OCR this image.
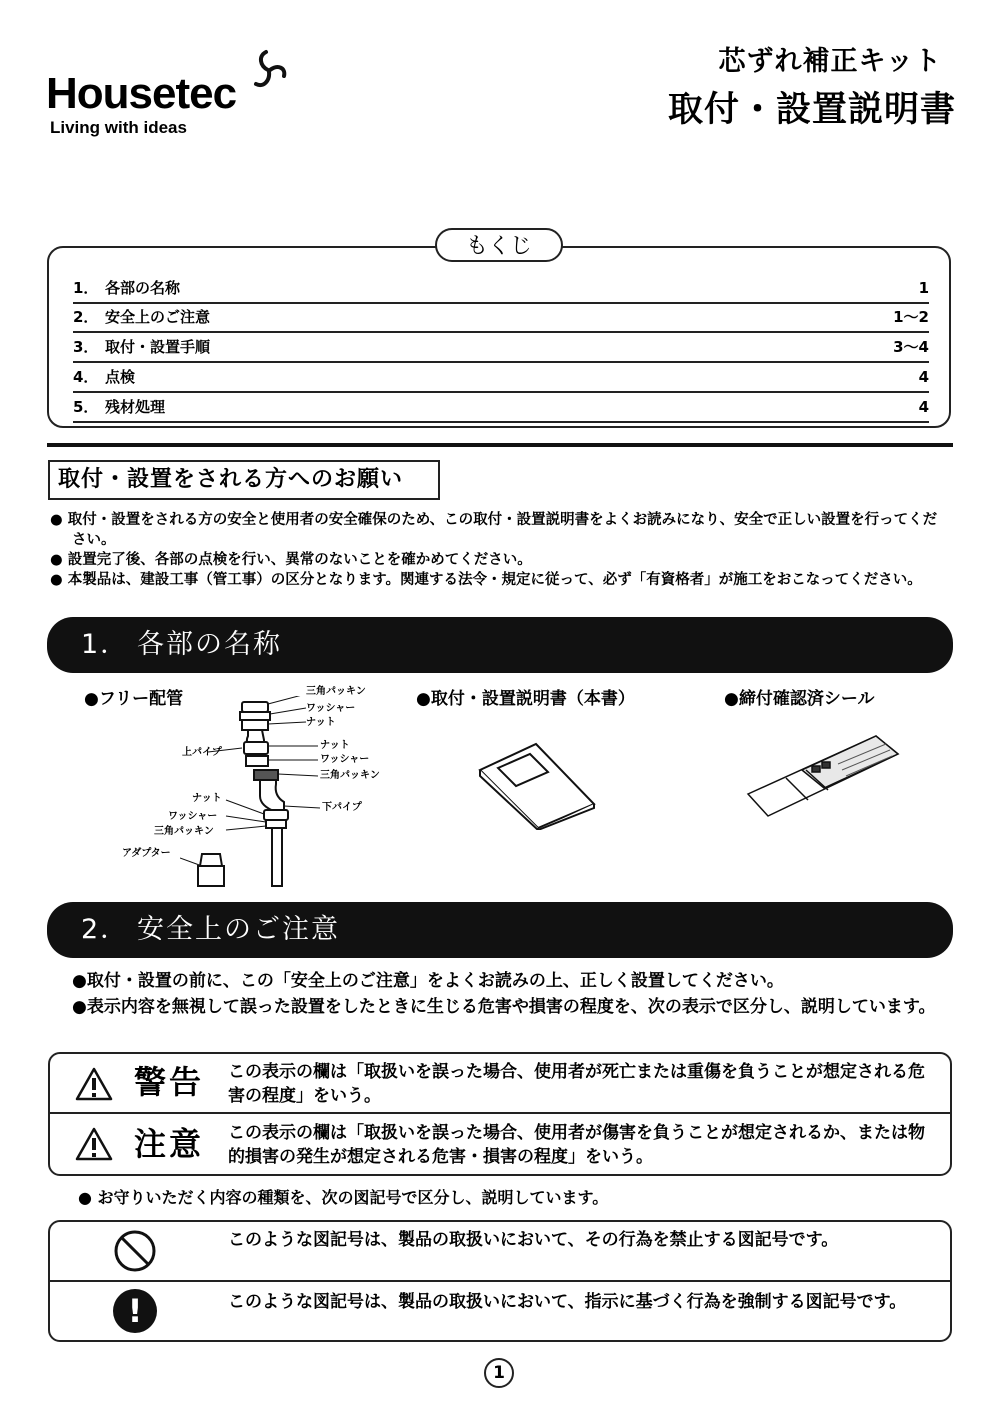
Housetec
Living with ideas
芯ずれ補正キット
取付・設置説明書
もくじ
1． 各部の名称	1
2． 安全上のご注意	1～2
3． 取付・設置手順	3～4
4． 点検	4
5． 残材処理	4
取付・設置をされる方へのお願い
● 取付・設置をされる方の安全と使用者の安全確保のため、この取付・設置説明書をよくお読みになり、安全で正しい設置を行ってください。
● 設置完了後、各部の点検を行い、異常のないことを確かめてください。
● 本製品は、建設工事（管工事）の区分となります。関連する法令・規定に従って、必ず「有資格者」が施工をおこなってください。
1． 各部の名称
●フリー配管	●取付・設置説明書（本書）	●締付確認済シール
三角パッキン
ワッシャー
ナット
上パイプ
ナット
ワッシャー
三角パッキン
下パイプ
ナット
ワッシャー
三角パッキン
アダプター
2． 安全上のご注意
●取付・設置の前に、この「安全上のご注意」をよくお読みの上、正しく設置してください。
●表示内容を無視して誤った設置をしたときに生じる危害や損害の程度を、次の表示で区分し、説明しています。
警告 この表示の欄は「取扱いを誤った場合、使用者が死亡または重傷を負うことが想定される危害の程度」をいう。
注意 この表示の欄は「取扱いを誤った場合、使用者が傷害を負うことが想定されるか、または物的損害の発生が想定される危害・損害の程度」をいう。
● お守りいただく内容の種類を、次の図記号で区分し、説明しています。
このような図記号は、製品の取扱いにおいて、その行為を禁止する図記号です。
!	このような図記号は、製品の取扱いにおいて、指示に基づく行為を強制する図記号です。
1
